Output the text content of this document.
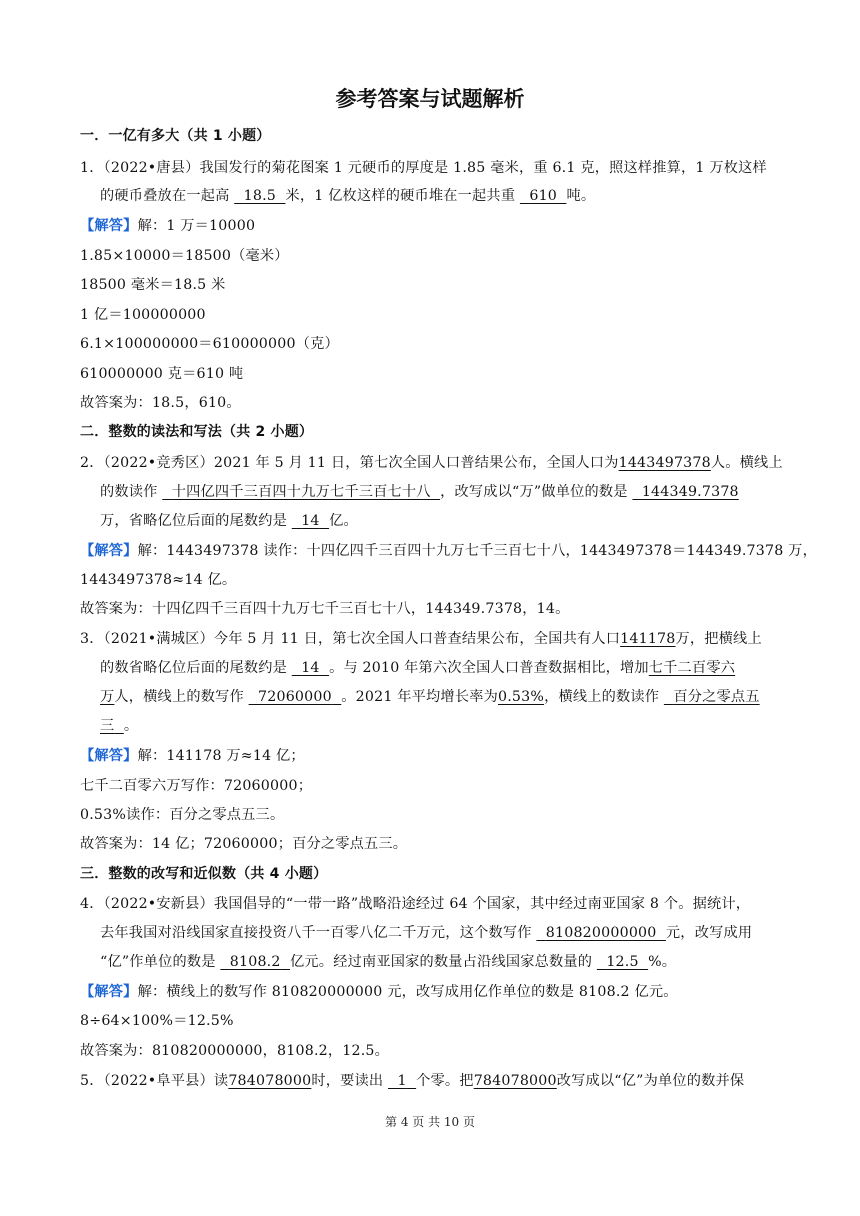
参考答案与试题解析
一．一亿有多大（共 1 小题）
1．（2022•唐县）我国发行的菊花图案 1 元硬币的厚度是 1.85 毫米，重 6.1 克，照这样推算，1 万枚这样
的硬币叠放在一起高 18.5 米，1 亿枚这样的硬币堆在一起共重 610 吨。
【解答】解：1 万＝10000
1.85×10000＝18500（毫米）
18500 毫米＝18.5 米
1 亿＝100000000
6.1×100000000＝610000000（克）
610000000 克＝610 吨
故答案为：18.5，610。
二．整数的读法和写法（共 2 小题）
2．（2022•竞秀区）2021 年 5 月 11 日，第七次全国人口普结果公布，全国人口为1443497378人。横线上
的数读作 十四亿四千三百四十九万七千三百七十八 ，改写成以“万”做单位的数是 144349.7378
万，省略亿位后面的尾数约是 14 亿。
【解答】解：1443497378 读作：十四亿四千三百四十九万七千三百七十八，1443497378＝144349.7378 万，
1443497378≈14 亿。
故答案为：十四亿四千三百四十九万七千三百七十八，144349.7378，14。
3．（2021•满城区）今年 5 月 11 日，第七次全国人口普查结果公布，全国共有人口141178万，把横线上
的数省略亿位后面的尾数约是 14 。与 2010 年第六次全国人口普查数据相比，增加七千二百零六
万人，横线上的数写作 72060000 。2021 年平均增长率为0.53%，横线上的数读作 百分之零点五
三 。
【解答】解：141178 万≈14 亿；
七千二百零六万写作：72060000；
0.53%读作：百分之零点五三。
故答案为：14 亿；72060000；百分之零点五三。
三．整数的改写和近似数（共 4 小题）
4．（2022•安新县）我国倡导的“一带一路”战略沿途经过 64 个国家，其中经过南亚国家 8 个。据统计，
去年我国对沿线国家直接投资八千一百零八亿二千万元，这个数写作 810820000000 元，改写成用
“亿”作单位的数是 8108.2 亿元。经过南亚国家的数量占沿线国家总数量的 12.5 %。
【解答】解：横线上的数写作 810820000000 元，改写成用亿作单位的数是 8108.2 亿元。
8÷64×100%＝12.5%
故答案为：810820000000，8108.2，12.5。
5．（2022•阜平县）读784078000时，要读出 1 个零。把784078000改写成以“亿”为单位的数并保
第 4 页 共 10 页
